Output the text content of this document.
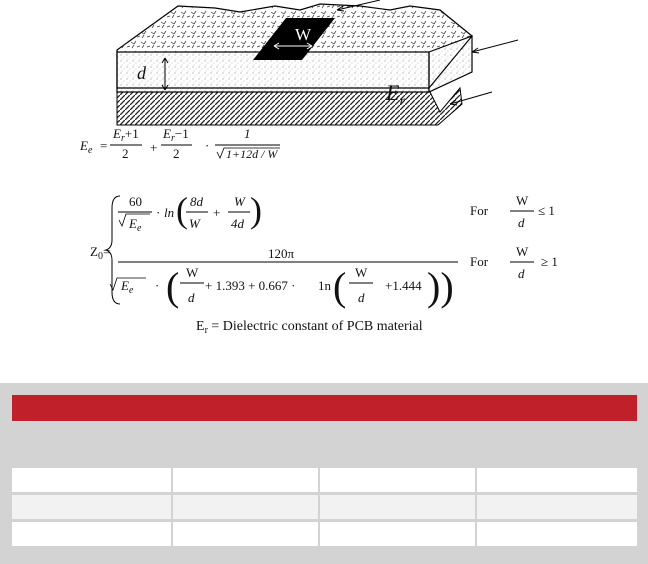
W
d
$E_r$
$E_e$ =
$E_r+1$
2 +
$E_r-1$
2
·
1
1+12d / W
$Z_0=$
60
$E_e$
· ln ( 8d
W
+
W
4d )
120π
$E_e$ · ( W
d
+ 1.393 + 0.667 · 1n ( W
d
+1.444 ))
For
W
d
≤ 1
For
W
d
≥ 1
$E_r$ = Dielectric constant of PCB material
